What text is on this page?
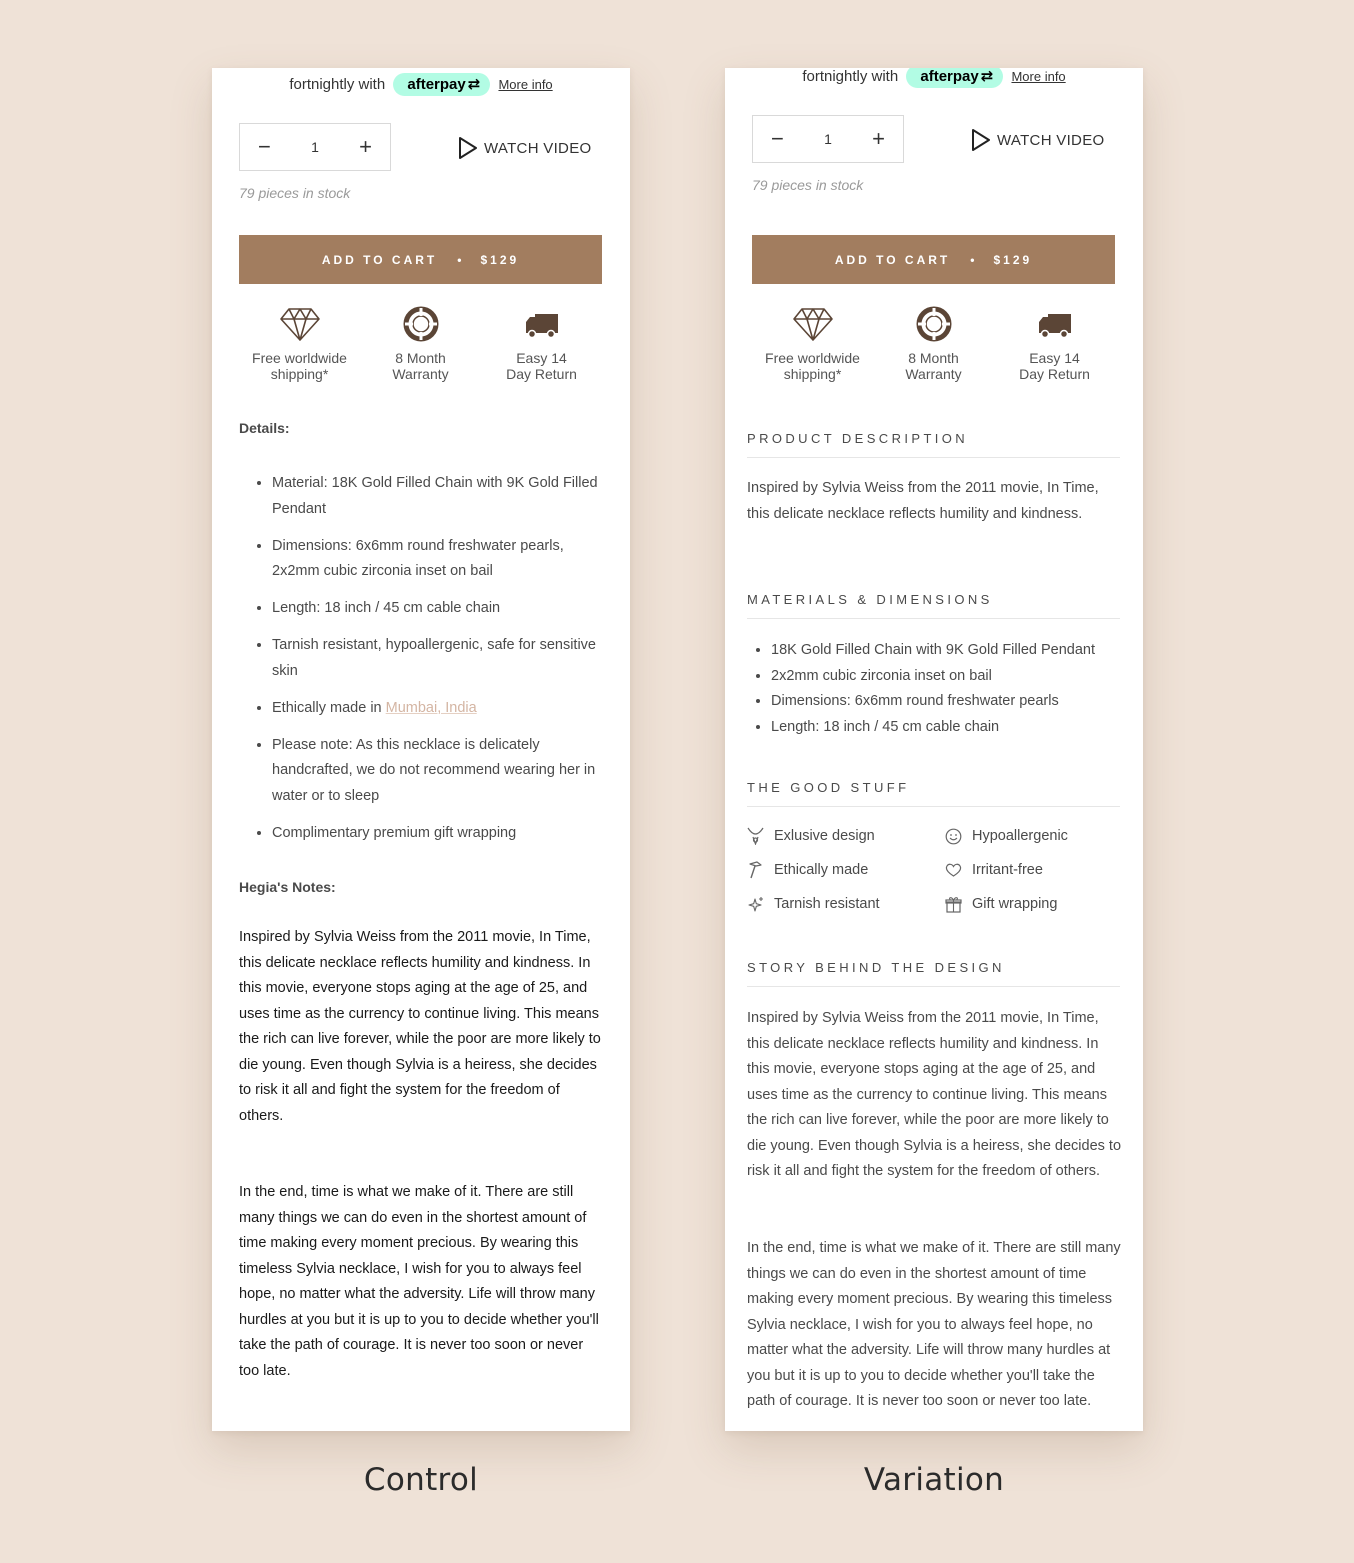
fortnightly with afterpay ⇄ More info
−	1 +	WATCH VIDEO
79 pieces in stock
ADD TO CART • $129
Free worldwide
shipping*
8 Month
Warranty
Easy 14
Day Return
Details:
• Material: 18K Gold Filled Chain with 9K Gold Filled Pendant
• Dimensions: 6x6mm round freshwater pearls, 2x2mm cubic zirconia inset on bail
• Length: 18 inch / 45 cm cable chain
• Tarnish resistant, hypoallergenic, safe for sensitive skin
• Ethically made in Mumbai, India
• Please note: As this necklace is delicately handcrafted, we do not recommend wearing her in water or to sleep
• Complimentary premium gift wrapping
Hegia's Notes:

Inspired by Sylvia Weiss from the 2011 movie, In Time, this delicate necklace reflects humility and kindness. In this movie, everyone stops aging at the age of 25, and uses time as the currency to continue living. This means the rich can live forever, while the poor are more likely to die young. Even though Sylvia is a heiress, she decides to risk it all and fight the system for the freedom of others.

In the end, time is what we make of it. There are still many things we can do even in the shortest amount of time making every moment precious. By wearing this timeless Sylvia necklace, I wish for you to always feel hope, no matter what the adversity. Life will throw many hurdles at you but it is up to you to decide whether you'll take the path of courage. It is never too soon or never too late.

fortnightly with afterpay ⇄ More info
−	1 +	WATCH VIDEO
79 pieces in stock
ADD TO CART • $129
Free worldwide
shipping*
8 Month
Warranty
Easy 14
Day Return
PRODUCT DESCRIPTION

Inspired by Sylvia Weiss from the 2011 movie, In Time, this delicate necklace reflects humility and kindness.

MATERIALS & DIMENSIONS
• 18K Gold Filled Chain with 9K Gold Filled Pendant
• 2x2mm cubic zirconia inset on bail
• Dimensions: 6x6mm round freshwater pearls
• Length: 18 inch / 45 cm cable chain
THE GOOD STUFF
Exlusive design	Hypoallergenic
Ethically made	Irritant-free
Tarnish resistant	Gift wrapping
STORY BEHIND THE DESIGN

Inspired by Sylvia Weiss from the 2011 movie, In Time, this delicate necklace reflects humility and kindness. In this movie, everyone stops aging at the age of 25, and uses time as the currency to continue living. This means the rich can live forever, while the poor are more likely to die young. Even though Sylvia is a heiress, she decides to risk it all and fight the system for the freedom of others.

In the end, time is what we make of it. There are still many things we can do even in the shortest amount of time making every moment precious. By wearing this timeless Sylvia necklace, I wish for you to always feel hope, no matter what the adversity. Life will throw many hurdles at you but it is up to you to decide whether you'll take the path of courage. It is never too soon or never too late.

Control	Variation
